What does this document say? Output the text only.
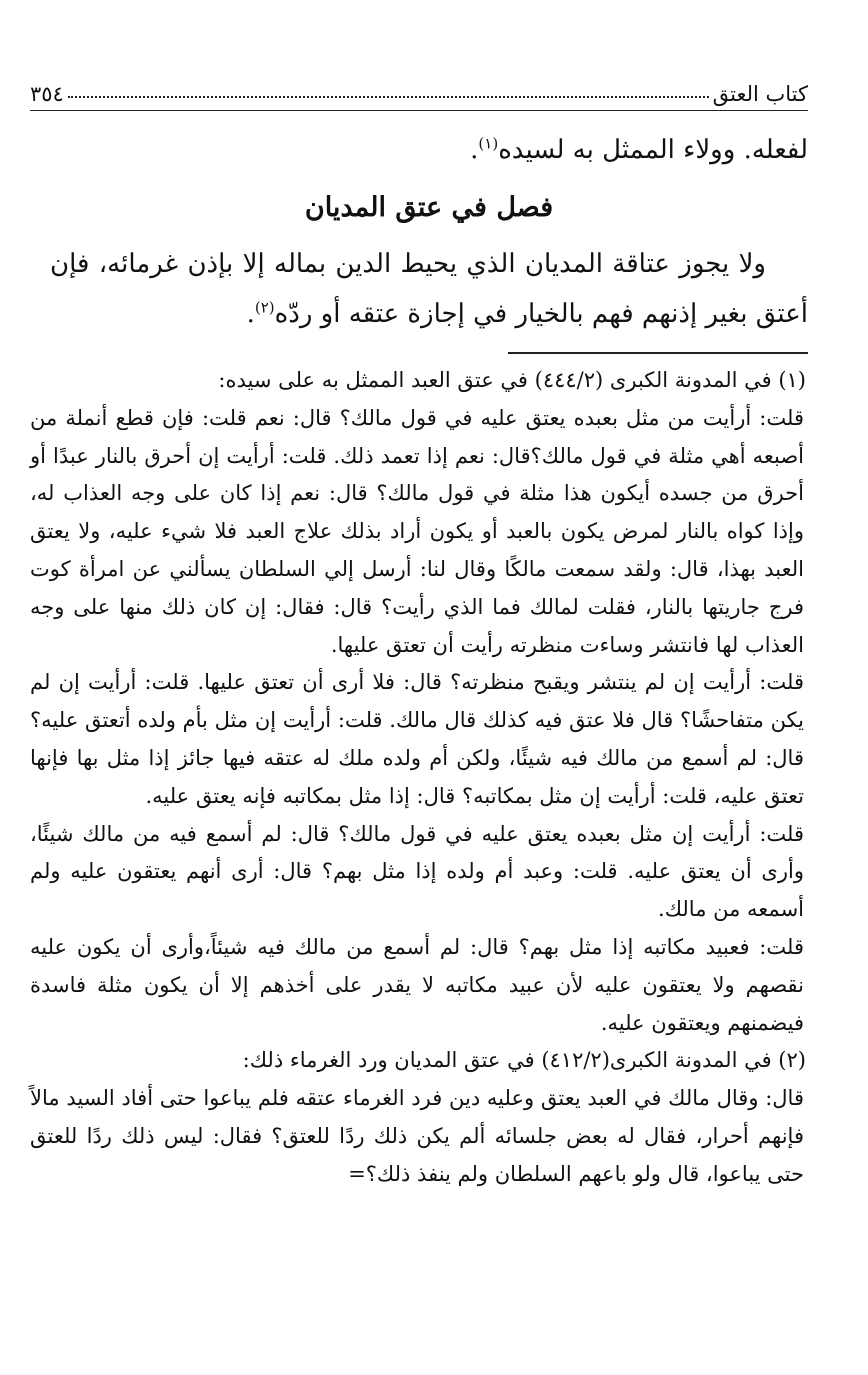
كتاب العتق
٣٥٤

لفعله. وولاء الممثل به لسيده$^{(١)}$.

فصل في عتق المديان

ولا يجوز عتاقة المديان الذي يحيط الدين بماله إلا بإذن غرمائه، فإن أعتق بغير إذنهم فهم بالخيار في إجازة عتقه أو ردّه$^{(٢)}$.

(١) في المدونة الكبرى (٤٤٤/٢) في عتق العبد الممثل به على سيده:

قلت: أرأيت من مثل بعبده يعتق عليه في قول مالك؟ قال: نعم قلت: فإن قطع أنملة من أصبعه أهي مثلة في قول مالك؟قال: نعم إذا تعمد ذلك. قلت: أرأيت إن أحرق بالنار عبدًا أو أحرق من جسده أيكون هذا مثلة في قول مالك؟ قال: نعم إذا كان على وجه العذاب له، وإذا كواه بالنار لمرض يكون بالعبد أو يكون أراد بذلك علاج العبد فلا شيء عليه، ولا يعتق العبد بهذا، قال: ولقد سمعت مالكًا وقال لنا: أرسل إلي السلطان يسألني عن امرأة كوت فرج جاريتها بالنار، فقلت لمالك فما الذي رأيت؟ قال: فقال: إن كان ذلك منها على وجه العذاب لها فانتشر وساءت منظرته رأيت أن تعتق عليها.

قلت: أرأيت إن لم ينتشر ويقبح منظرته؟ قال: فلا أرى أن تعتق عليها. قلت: أرأيت إن لم يكن متفاحشًا؟ قال فلا عتق فيه كذلك قال مالك. قلت: أرأيت إن مثل بأم ولده أتعتق عليه؟ قال: لم أسمع من مالك فيه شيئًا، ولكن أم ولده ملك له عتقه فيها جائز إذا مثل بها فإنها تعتق عليه، قلت: أرأيت إن مثل بمكاتبه؟ قال: إذا مثل بمكاتبه فإنه يعتق عليه.

قلت: أرأيت إن مثل بعبده يعتق عليه في قول مالك؟ قال: لم أسمع فيه من مالك شيئًا، وأرى أن يعتق عليه. قلت: وعبد أم ولده إذا مثل بهم؟ قال: أرى أنهم يعتقون عليه ولم أسمعه من مالك.

قلت: فعبيد مكاتبه إذا مثل بهم؟ قال: لم أسمع من مالك فيه شيئاً،وأرى أن يكون عليه نقصهم ولا يعتقون عليه لأن عبيد مكاتبه لا يقدر على أخذهم إلا أن يكون مثلة فاسدة فيضمنهم ويعتقون عليه.

(٢) في المدونة الكبرى(٤١٢/٢) في عتق المديان ورد الغرماء ذلك:

قال: وقال مالك في العبد يعتق وعليه دين فرد الغرماء عتقه فلم يباعوا حتى أفاد السيد مالاً فإنهم أحرار، فقال له بعض جلسائه ألم يكن ذلك ردًا للعتق؟ فقال: ليس ذلك ردًا للعتق حتى يباعوا، قال ولو باعهم السلطان ولم ينفذ ذلك؟=
